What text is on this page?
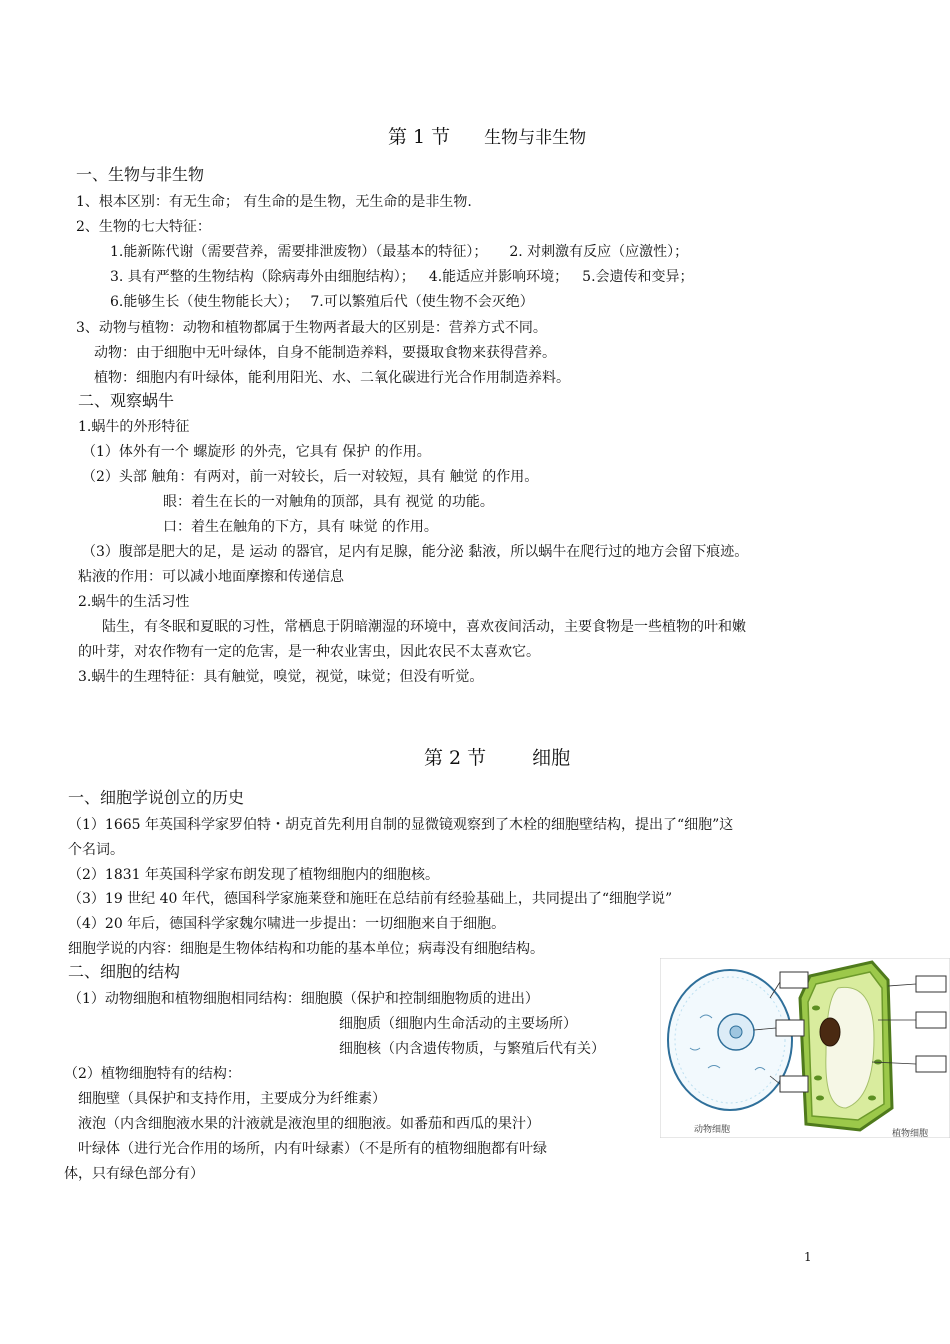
第 1 节 生物与非生物
一、生物与非生物
1、根本区别：有无生命； 有生命的是生物，无生命的是非生物.
2、生物的七大特征：
1.能新陈代谢（需要营养，需要排泄废物）（最基本的特征）； 2. 对刺激有反应（应激性）；
3. 具有严整的生物结构（除病毒外由细胞结构）； 4.能适应并影响环境； 5.会遗传和变异；
6.能够生长（使生物能长大）； 7.可以繁殖后代（使生物不会灭绝）
3、动物与植物：动物和植物都属于生物两者最大的区别是：营养方式不同。
动物：由于细胞中无叶绿体，自身不能制造养料，要摄取食物来获得营养。
植物：细胞内有叶绿体，能利用阳光、水、二氧化碳进行光合作用制造养料。
二、观察蜗牛
1.蜗牛的外形特征
（1）体外有一个 螺旋形 的外壳，它具有 保护 的作用。
（2）头部 触角：有两对，前一对较长，后一对较短，具有 触觉 的作用。
眼：着生在长的一对触角的顶部，具有 视觉 的功能。
口：着生在触角的下方，具有 味觉 的作用。
（3）腹部是肥大的足，是 运动 的器官，足内有足腺，能分泌 黏液，所以蜗牛在爬行过的地方会留下痕迹。
粘液的作用：可以减小地面摩擦和传递信息
2.蜗牛的生活习性
陆生，有冬眠和夏眠的习性，常栖息于阴暗潮湿的环境中，喜欢夜间活动，主要食物是一些植物的叶和嫩
的叶芽，对农作物有一定的危害，是一种农业害虫，因此农民不太喜欢它。
3.蜗牛的生理特征：具有触觉，嗅觉，视觉，味觉；但没有听觉。
第 2 节 细胞
一、细胞学说创立的历史
（1）1665 年英国科学家罗伯特・胡克首先利用自制的显微镜观察到了木栓的细胞壁结构，提出了“细胞”这
个名词。
（2）1831 年英国科学家布朗发现了植物细胞内的细胞核。
（3）19 世纪 40 年代，德国科学家施莱登和施旺在总结前有经验基础上，共同提出了“细胞学说”
（4）20 年后，德国科学家魏尔啸进一步提出：一切细胞来自于细胞。
细胞学说的内容：细胞是生物体结构和功能的基本单位；病毒没有细胞结构。
二、细胞的结构
（1）动物细胞和植物细胞相同结构：细胞膜（保护和控制细胞物质的进出）
细胞质（细胞内生命活动的主要场所）
细胞核（内含遗传物质，与繁殖后代有关）
（2）植物细胞特有的结构：
细胞壁（具保护和支持作用，主要成分为纤维素）
液泡（内含细胞液水果的汁液就是液泡里的细胞液。如番茄和西瓜的果汁）
叶绿体（进行光合作用的场所，内有叶绿素）（不是所有的植物细胞都有叶绿
体，只有绿色部分有）
动物细胞	植物细胞
1
